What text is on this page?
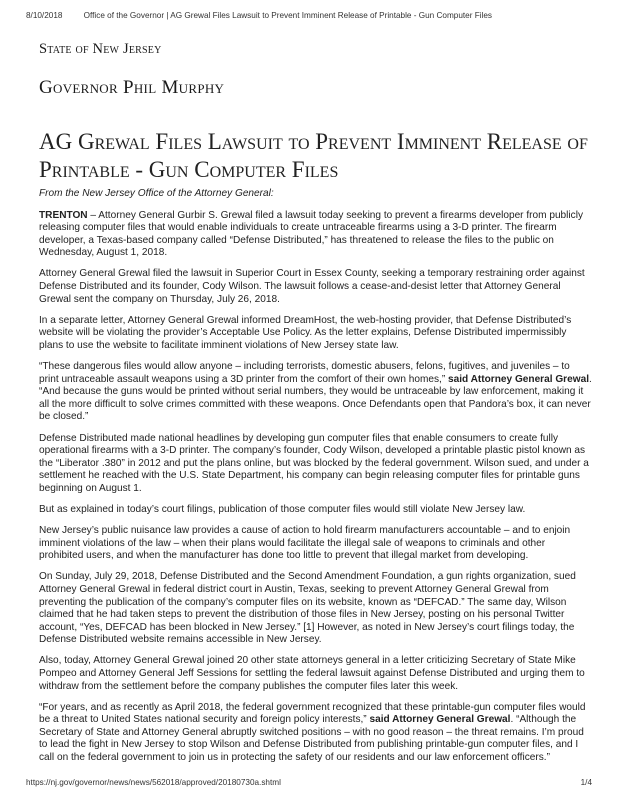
8/10/2018	Office of the Governor | AG Grewal Files Lawsuit to Prevent Imminent Release of Printable - Gun Computer Files
State of New Jersey
Governor Phil Murphy
AG Grewal Files Lawsuit to Prevent Imminent Release of Printable - Gun Computer Files

From the New Jersey Office of the Attorney General:

TRENTON – Attorney General Gurbir S. Grewal filed a lawsuit today seeking to prevent a firearms developer from publicly releasing computer files that would enable individuals to create untraceable firearms using a 3-D printer. The firearm developer, a Texas-based company called “Defense Distributed,” has threatened to release the files to the public on Wednesday, August 1, 2018.

Attorney General Grewal filed the lawsuit in Superior Court in Essex County, seeking a temporary restraining order against Defense Distributed and its founder, Cody Wilson. The lawsuit follows a cease-and-desist letter that Attorney General Grewal sent the company on Thursday, July 26, 2018.

In a separate letter, Attorney General Grewal informed DreamHost, the web-hosting provider, that Defense Distributed’s website will be violating the provider’s Acceptable Use Policy. As the letter explains, Defense Distributed impermissibly plans to use the website to facilitate imminent violations of New Jersey state law.

“These dangerous files would allow anyone – including terrorists, domestic abusers, felons, fugitives, and juveniles – to print untraceable assault weapons using a 3D printer from the comfort of their own homes,” said Attorney General Grewal. “And because the guns would be printed without serial numbers, they would be untraceable by law enforcement, making it all the more difficult to solve crimes committed with these weapons. Once Defendants open that Pandora’s box, it can never be closed.”

Defense Distributed made national headlines by developing gun computer files that enable consumers to create fully operational firearms with a 3-D printer. The company’s founder, Cody Wilson, developed a printable plastic pistol known as the “Liberator .380” in 2012 and put the plans online, but was blocked by the federal government. Wilson sued, and under a settlement he reached with the U.S. State Department, his company can begin releasing computer files for printable guns beginning on August 1.

But as explained in today’s court filings, publication of those computer files would still violate New Jersey law.

New Jersey’s public nuisance law provides a cause of action to hold firearm manufacturers accountable – and to enjoin imminent violations of the law – when their plans would facilitate the illegal sale of weapons to criminals and other prohibited users, and when the manufacturer has done too little to prevent that illegal market from developing.

On Sunday, July 29, 2018, Defense Distributed and the Second Amendment Foundation, a gun rights organization, sued Attorney General Grewal in federal district court in Austin, Texas, seeking to prevent Attorney General Grewal from preventing the publication of the company’s computer files on its website, known as “DEFCAD.” The same day, Wilson claimed that he had taken steps to prevent the distribution of those files in New Jersey, posting on his personal Twitter account, “Yes, DEFCAD has been blocked in New Jersey.” [1] However, as noted in New Jersey’s court filings today, the Defense Distributed website remains accessible in New Jersey.

Also, today, Attorney General Grewal joined 20 other state attorneys general in a letter criticizing Secretary of State Mike Pompeo and Attorney General Jeff Sessions for settling the federal lawsuit against Defense Distributed and urging them to withdraw from the settlement before the company publishes the computer files later this week.

“For years, and as recently as April 2018, the federal government recognized that these printable-gun computer files would be a threat to United States national security and foreign policy interests,” said Attorney General Grewal. “Although the Secretary of State and Attorney General abruptly switched positions – with no good reason – the threat remains. I’m proud to lead the fight in New Jersey to stop Wilson and Defense Distributed from publishing printable-gun computer files, and I call on the federal government to join us in protecting the safety of our residents and our law enforcement officers.”

https://nj.gov/governor/news/news/562018/approved/20180730a.shtml	1/4
